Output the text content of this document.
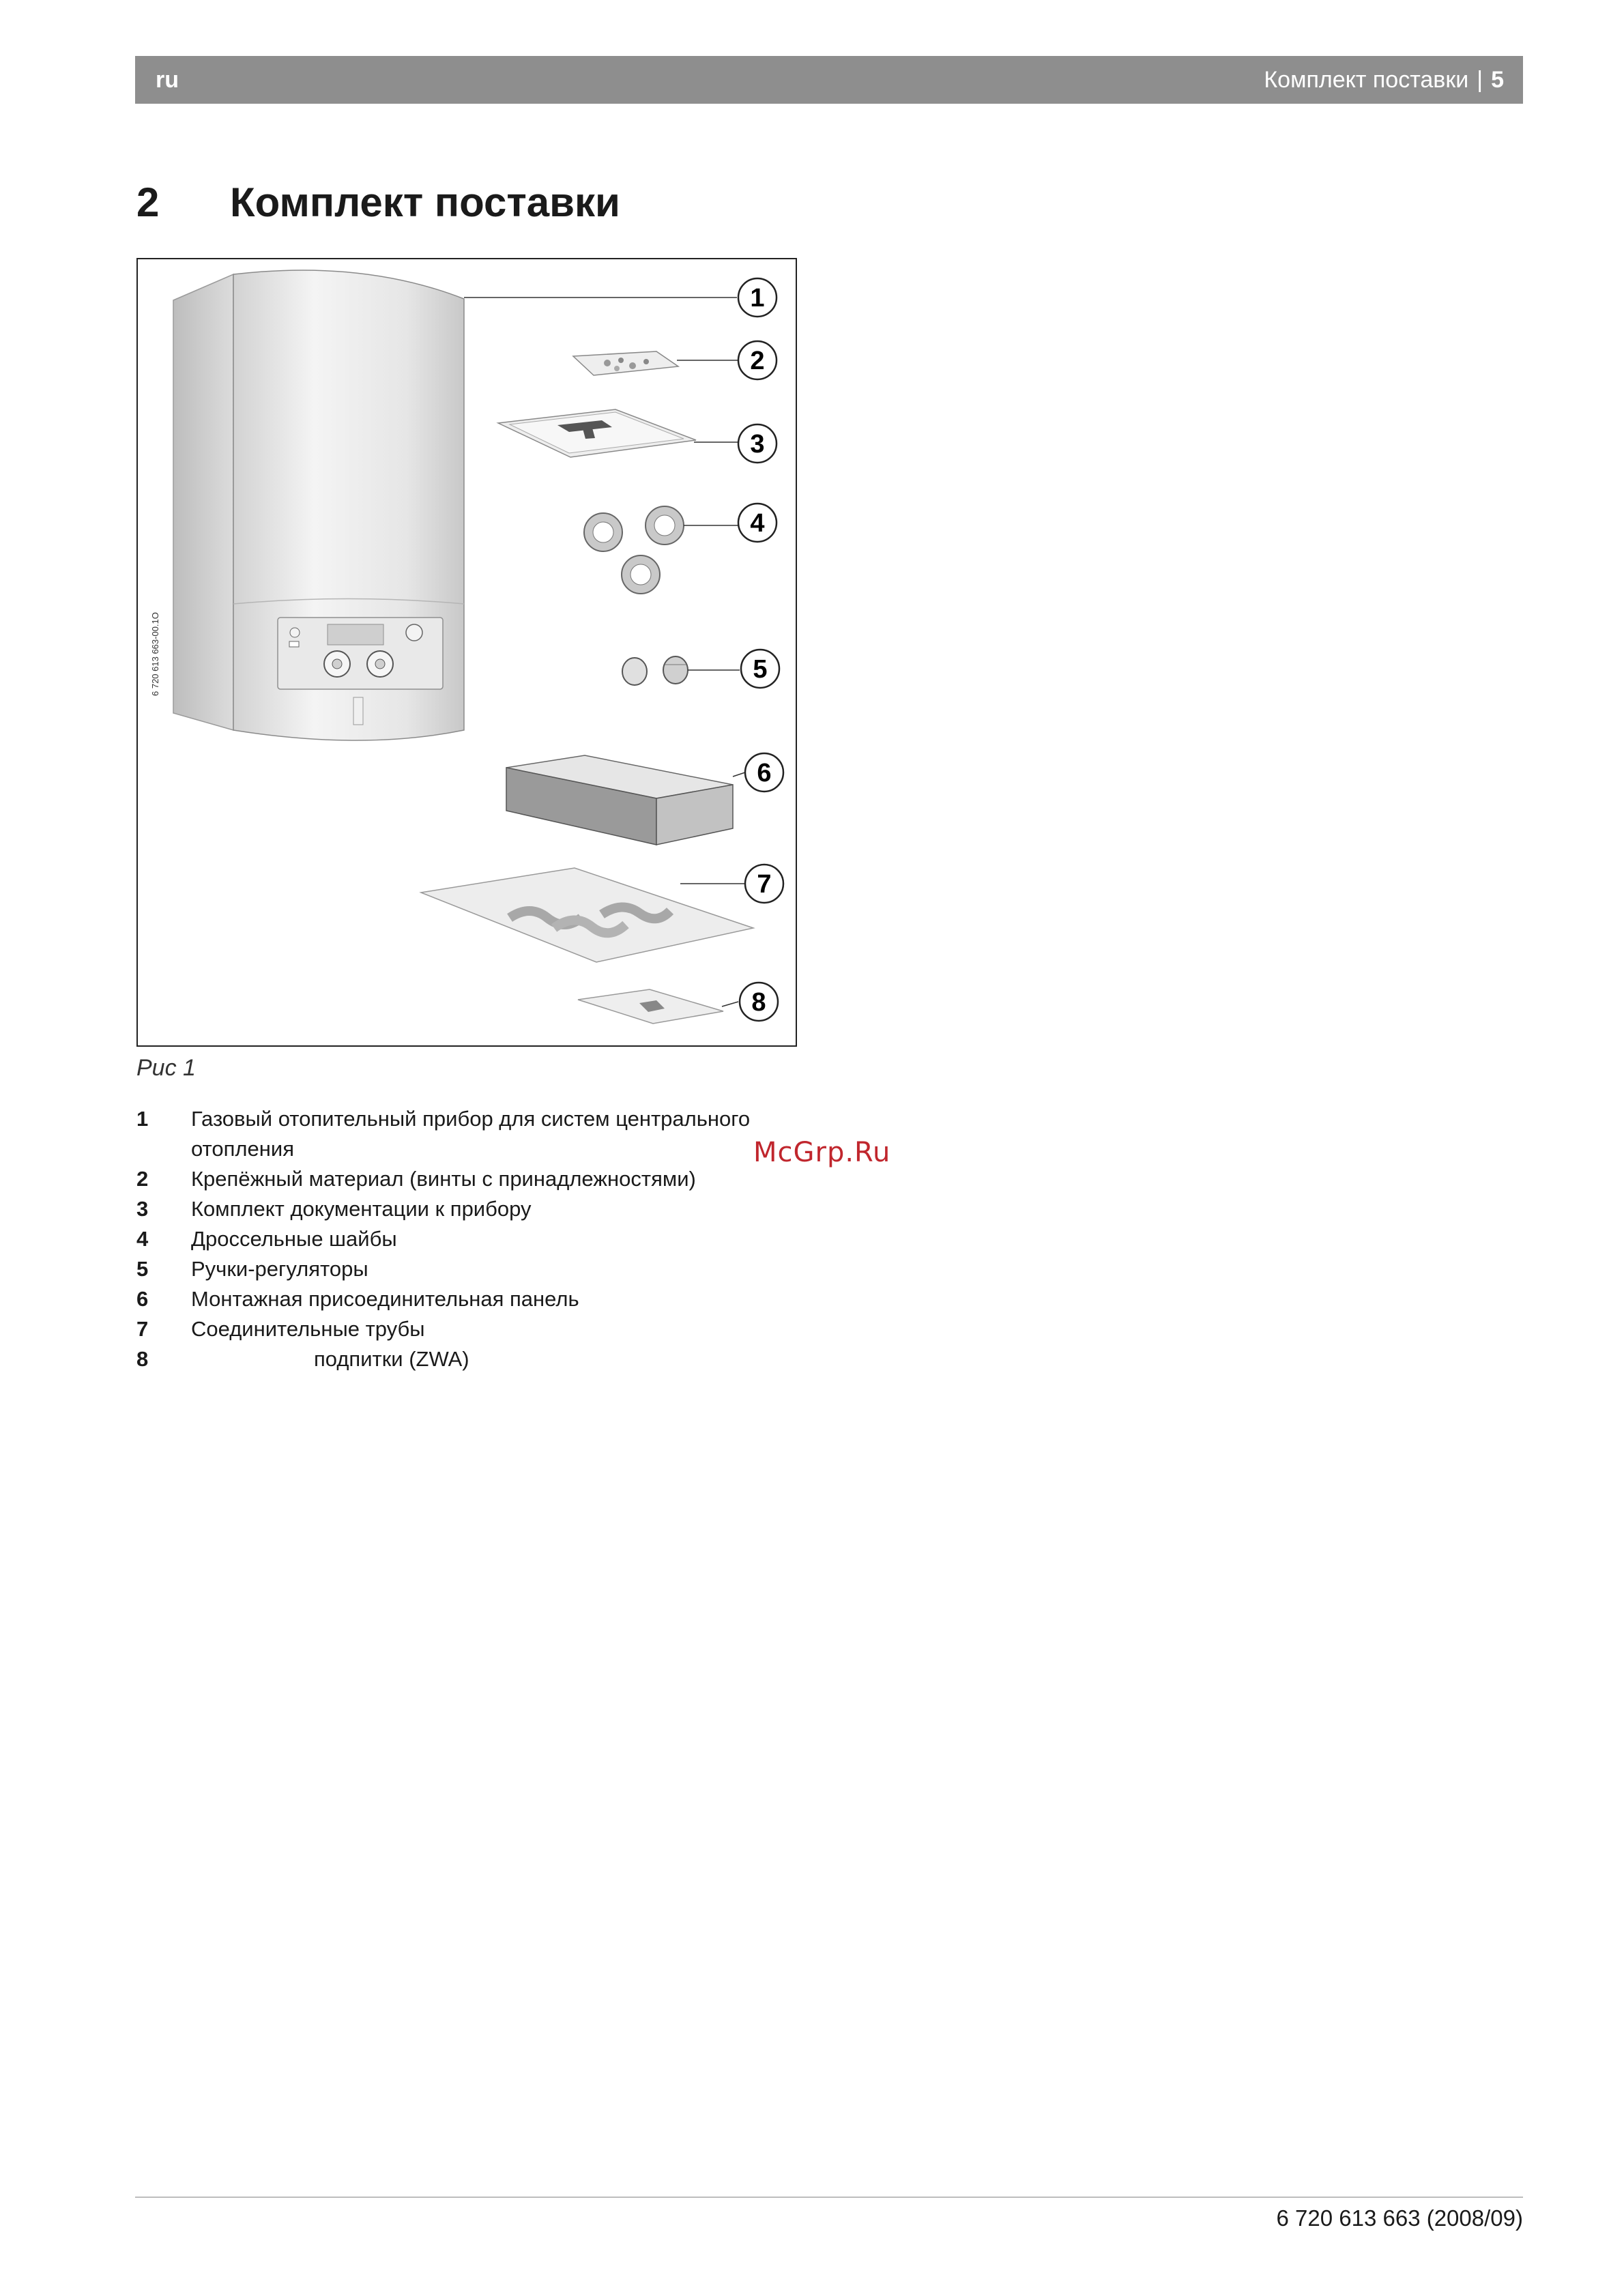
ru	Комплект поставки | 5
2 Комплект поставки
6 720 613 663-00.1O
1
2
3
4
5
6
7
8
Рис 1
1 Газовый отопительный прибор для систем центрального
отопления
2 Крепёжный материал (винты с принадлежностями)
3 Комплект документации к прибору
4 Дроссельные шайбы
5 Ручки-регуляторы
6 Монтажная присоединительная панель
7 Соединительные трубы
8	подпитки (ZWA)
McGrp.Ru
6 720 613 663 (2008/09)
